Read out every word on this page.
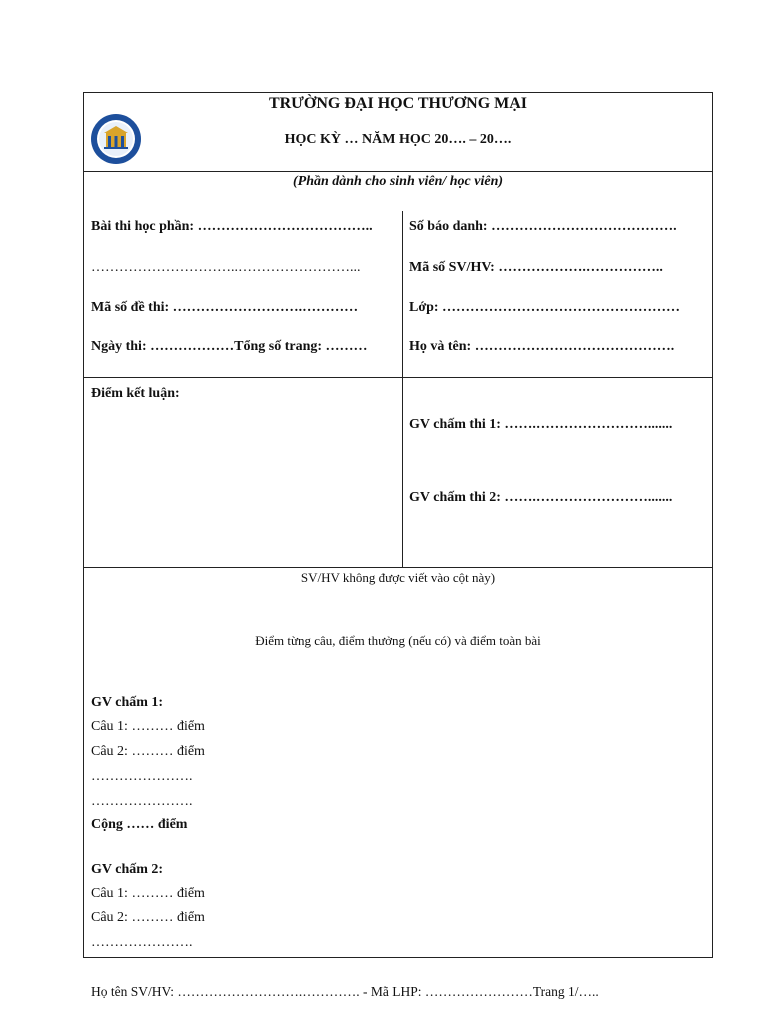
TRƯỜNG ĐẠI HỌC THƯƠNG MẠI
HỌC KỲ … NĂM HỌC 20…. – 20….
(Phần dành cho sinh viên/ học viên)
Bài thi học phần: ………………………………..
…………………………..……………………...
Mã số đề thi: ……………………….…………
Ngày thi: ………………Tổng số trang: ………
Số báo danh: ………………………………….
Mã số SV/HV: ……………….……………..
Lớp: ……………………………………………
Họ và tên: …………………………………….
Điểm kết luận:
GV chấm thi 1: …….…………………….......
GV chấm thi 2: …….…………………….......
SV/HV không được viết vào cột này)
Điểm từng câu, điểm thưởng (nếu có) và điểm toàn bài
GV chấm 1:
Câu 1: ……… điểm
Câu 2: ……… điểm
………………….
………………….
Cộng …… điểm
GV chấm 2:
Câu 1: ……… điểm
Câu 2: ……… điểm
………………….
Họ tên SV/HV: ……………………….…………. - Mã LHP: ……………………Trang 1/…..
